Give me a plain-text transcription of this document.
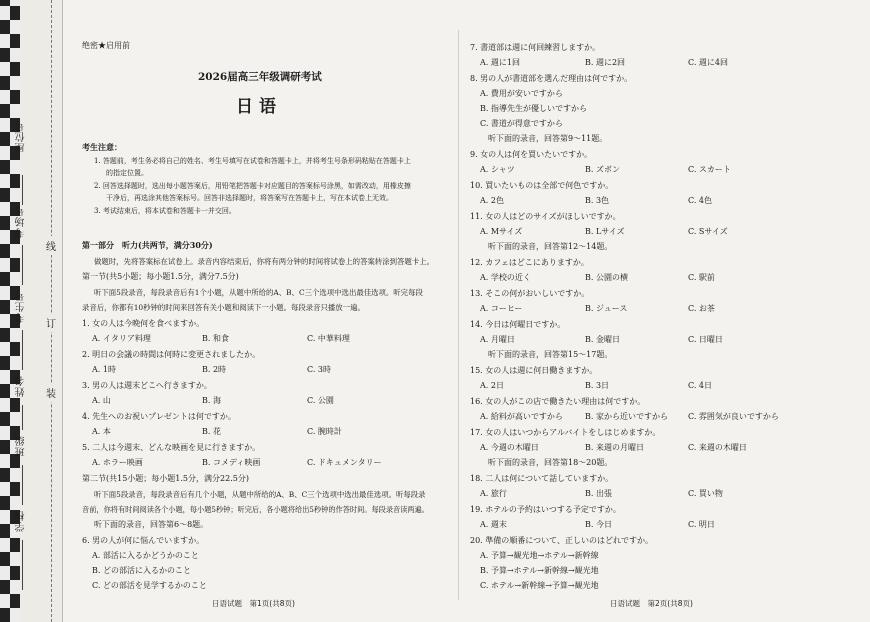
座位号
考场号
考生号
姓名
班级
学校
线
订
装
绝密★启用前
2026届高三年级调研考试
日语
考生注意：
1. 答题前，考生务必将自己的姓名、考生号填写在试卷和答题卡上，并将考生号条形码粘贴在答题卡上
的指定位置。
2. 回答选择题时，选出每小题答案后，用铅笔把答题卡对应题目的答案标号涂黑，如需改动，用橡皮擦
干净后，再选涂其他答案标号。回答非选择题时，将答案写在答题卡上，写在本试卷上无效。
3. 考试结束后，将本试卷和答题卡一并交回。
第一部分　听力(共两节，满分30分)
做题时，先将答案标在试卷上。录音内容结束后，你将有两分钟的时间将试卷上的答案转涂到答题卡上。
第一节(共5小题；每小题1.5分，满分7.5分)
听下面5段录音，每段录音后有1个小题，从题中所给的A、B、C三个选项中选出最佳选项。听完每段
录音后，你都有10秒钟的时间来回答有关小题和阅读下一小题。每段录音只播放一遍。
1. 女の人は今晩何を食べますか。
A. イタリア料理	B. 和食	C. 中華料理
2. 明日の会議の時間は何時に変更されましたか。
A. 1時	B. 2時	C. 3時
3. 男の人は週末どこへ行きますか。
A. 山	B. 海	C. 公園
4. 先生へのお祝いプレゼントは何ですか。
A. 本	B. 花	C. 腕時計
5. 二人は今週末、どんな映画を見に行きますか。
A. ホラー映画	B. コメディ映画	C. ドキュメンタリー
第二节(共15小题；每小题1.5分，满分22.5分)
听下面5段录音，每段录音后有几个小题，从题中所给的A、B、C三个选项中选出最佳选项。听每段录
音前，你将有时间阅读各个小题，每小题5秒钟；听完后，各小题将给出5秒钟的作答时间。每段录音读两遍。
听下面的录音，回答第6～8题。
6. 男の人が何に悩んでいますか。
A. 部活に入るかどうかのこと
B. どの部活に入るかのこと
C. どの部活を見学するかのこと
日语试题　第1页(共8页)
7. 書道部は週に何回練習しますか。
A. 週に1回	B. 週に2回	C. 週に4回
8. 男の人が書道部を選んだ理由は何ですか。
A. 費用が安いですから
B. 指導先生が優しいですから
C. 書道が得意ですから
听下面的录音，回答第9～11题。
9. 女の人は何を買いたいですか。
A. シャツ	B. ズボン	C. スカート
10. 買いたいものは全部で何色ですか。
A. 2色	B. 3色	C. 4色
11. 女の人はどのサイズがほしいですか。
A. Mサイズ	B. Lサイズ	C. Sサイズ
听下面的录音，回答第12～14题。
12. カフェはどこにありますか。
A. 学校の近く	B. 公園の横	C. 駅前
13. そこの何がおいしいですか。
A. コーヒー	B. ジュース	C. お茶
14. 今日は何曜日ですか。
A. 月曜日	B. 金曜日	C. 日曜日
听下面的录音，回答第15～17题。
15. 女の人は週に何日働きますか。
A. 2日	B. 3日	C. 4日
16. 女の人がこの店で働きたい理由は何ですか。
A. 給料が高いですから	B. 家から近いですから	C. 雰囲気が良いですから
17. 女の人はいつからアルバイトをしはじめますか。
A. 今週の木曜日	B. 来週の月曜日	C. 来週の木曜日
听下面的录音，回答第18～20题。
18. 二人は何について話していますか。
A. 旅行	B. 出張	C. 買い物
19. ホテルの予約はいつする予定ですか。
A. 週末	B. 今日	C. 明日
20. 準備の順番について、正しいのはどれですか。
A. 予算→観光地→ホテル→新幹線
B. 予算→ホテル→新幹線→観光地
C. ホテル→新幹線→予算→観光地
日语试题　第2页(共8页)
